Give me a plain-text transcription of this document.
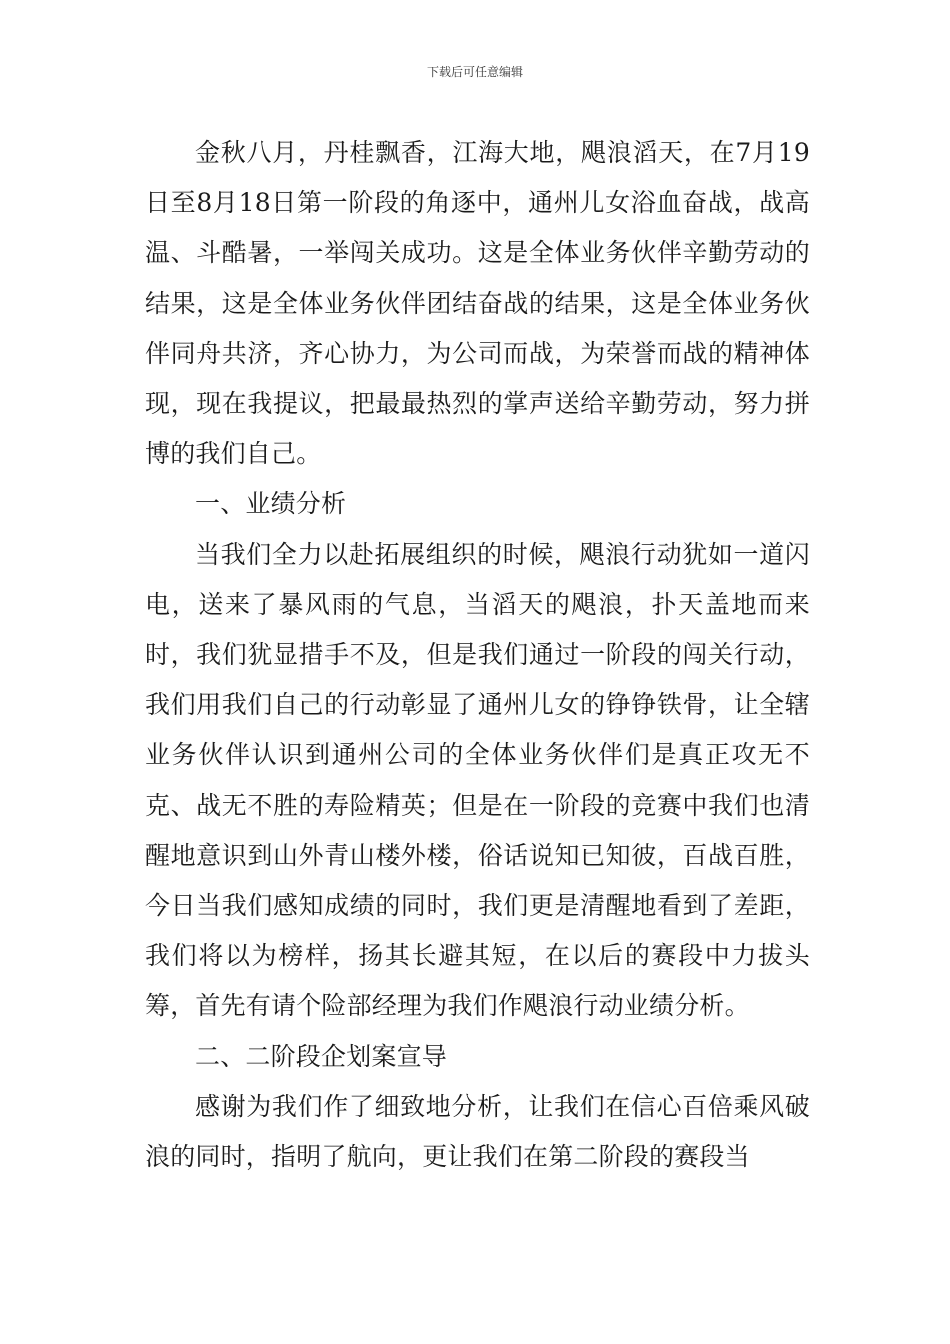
下载后可任意编辑

金秋八月，丹桂飘香，江海大地，飓浪滔天，在7月19日至8月18日第一阶段的角逐中，通州儿女浴血奋战，战高温、斗酷暑，一举闯关成功。这是全体业务伙伴辛勤劳动的结果，这是全体业务伙伴团结奋战的结果，这是全体业务伙伴同舟共济，齐心协力，为公司而战，为荣誉而战的精神体现，现在我提议，把最最热烈的掌声送给辛勤劳动，努力拼博的我们自己。

一、业绩分析

当我们全力以赴拓展组织的时候，飓浪行动犹如一道闪电，送来了暴风雨的气息，当滔天的飓浪，扑天盖地而来时，我们犹显措手不及，但是我们通过一阶段的闯关行动，我们用我们自己的行动彰显了通州儿女的铮铮铁骨，让全辖业务伙伴认识到通州公司的全体业务伙伴们是真正攻无不克、战无不胜的寿险精英；但是在一阶段的竞赛中我们也清醒地意识到山外青山楼外楼，俗话说知已知彼，百战百胜，今日当我们感知成绩的同时，我们更是清醒地看到了差距，我们将以为榜样，扬其长避其短，在以后的赛段中力拔头筹，首先有请个险部经理为我们作飓浪行动业绩分析。

二、二阶段企划案宣导

感谢为我们作了细致地分析，让我们在信心百倍乘风破浪的同时，指明了航向，更让我们在第二阶段的赛段当
